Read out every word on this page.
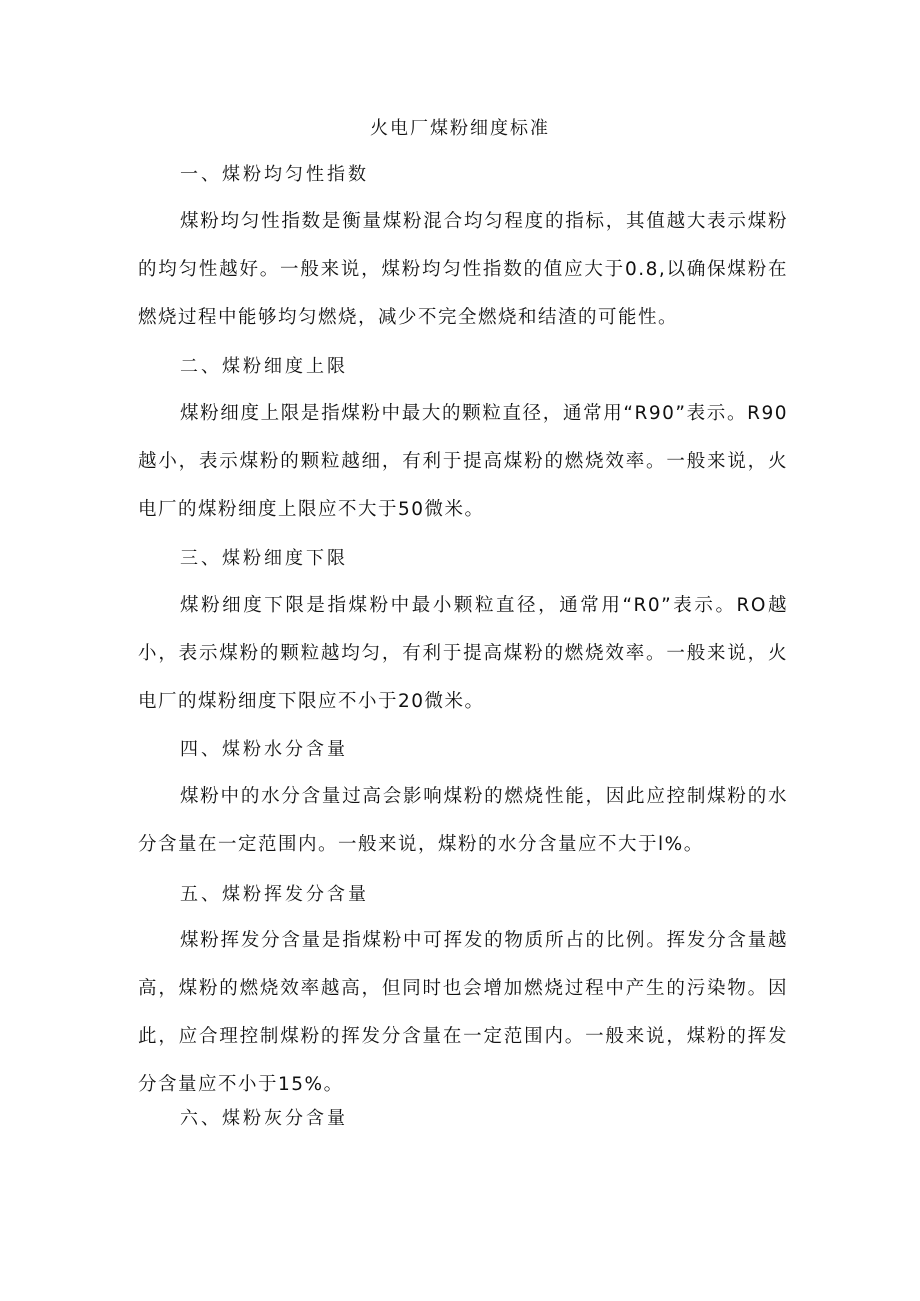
火电厂煤粉细度标准
一、煤粉均匀性指数

煤粉均匀性指数是衡量煤粉混合均匀程度的指标，其值越大表示煤粉的均匀性越好。一般来说，煤粉均匀性指数的值应大于0.8,以确保煤粉在燃烧过程中能够均匀燃烧，减少不完全燃烧和结渣的可能性。

二、煤粉细度上限

煤粉细度上限是指煤粉中最大的颗粒直径，通常用“R90”表示。R90越小，表示煤粉的颗粒越细，有利于提高煤粉的燃烧效率。一般来说，火电厂的煤粉细度上限应不大于50微米。

三、煤粉细度下限

煤粉细度下限是指煤粉中最小颗粒直径，通常用“R0”表示。RO越小，表示煤粉的颗粒越均匀，有利于提高煤粉的燃烧效率。一般来说，火电厂的煤粉细度下限应不小于20微米。

四、煤粉水分含量

煤粉中的水分含量过高会影响煤粉的燃烧性能，因此应控制煤粉的水分含量在一定范围内。一般来说，煤粉的水分含量应不大于l%。

五、煤粉挥发分含量

煤粉挥发分含量是指煤粉中可挥发的物质所占的比例。挥发分含量越高，煤粉的燃烧效率越高，但同时也会增加燃烧过程中产生的污染物。因此，应合理控制煤粉的挥发分含量在一定范围内。一般来说，煤粉的挥发分含量应不小于15%。

六、煤粉灰分含量
